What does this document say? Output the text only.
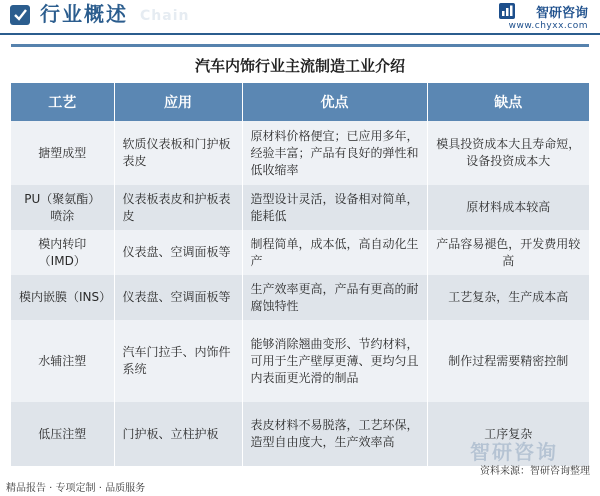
行业概述 Chain	智研咨询
www.chyxx.com
汽车内饰行业主流制造工业介绍			
工艺	应用	优点	缺点
搪塑成型	软质仪表板和门护板表皮	原材料价格便宜；已应用多年，经验丰富；产品有良好的弹性和低收缩率	模具投资成本大且寿命短，设备投资成本大
PU（聚氨酯）喷涂	仪表板表皮和护板表皮	造型设计灵活，设备相对简单，能耗低	原材料成本较高
模内转印（IMD）	仪表盘、空调面板等	制程简单，成本低，高自动化生产	产品容易褪色，开发费用较高
模内嵌膜（INS）	仪表盘、空调面板等	生产效率更高，产品有更高的耐腐蚀特性	工艺复杂，生产成本高
水辅注塑	汽车门拉手、内饰件系统	能够消除翘曲变形、节约材料，可用于生产壁厚更薄、更均匀且内表面更光滑的制品	制作过程需要精密控制
低压注塑	门护板、立柱护板	表皮材料不易脱落，工艺环保，造型自由度大，生产效率高	工序复杂
智研咨询
资料来源：智研咨询整理
精品报告 · 专项定制 · 品质服务
